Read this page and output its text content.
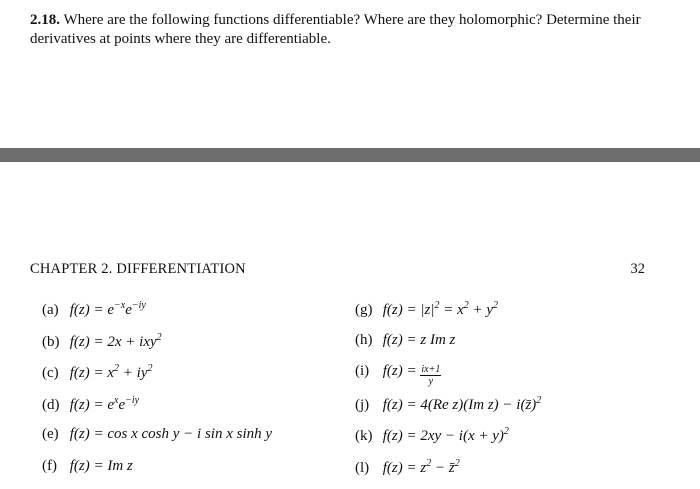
2.18. Where are the following functions differentiable? Where are they holomorphic? Determine their derivatives at points where they are differentiable.
CHAPTER 2. DIFFERENTIATION	32
(a) $f(z) = e^{-x}e^{-iy}$
(b) f(z) = 2x + ixy$^2$
(c) $f(z) = x^2 + iy^2$
(d) $f(z) = e^xe^{-iy}$
(e) f(z) = cos x cosh y − i sin x sinh y
(f) f(z) = Im z
(g) $f(z) = |z|^2 = x^2 + y^2$
(h) f(z) = z Im z
(i) $f(z) = \frac{ix+1}{y}$
(j) f(z) = 4(Re z)(Im z) − i(z̄)$^2$
(k) $f(z) = 2xy - i(x + y)^2$
(l) $f(z) = z^2$ − z̄$^2$
